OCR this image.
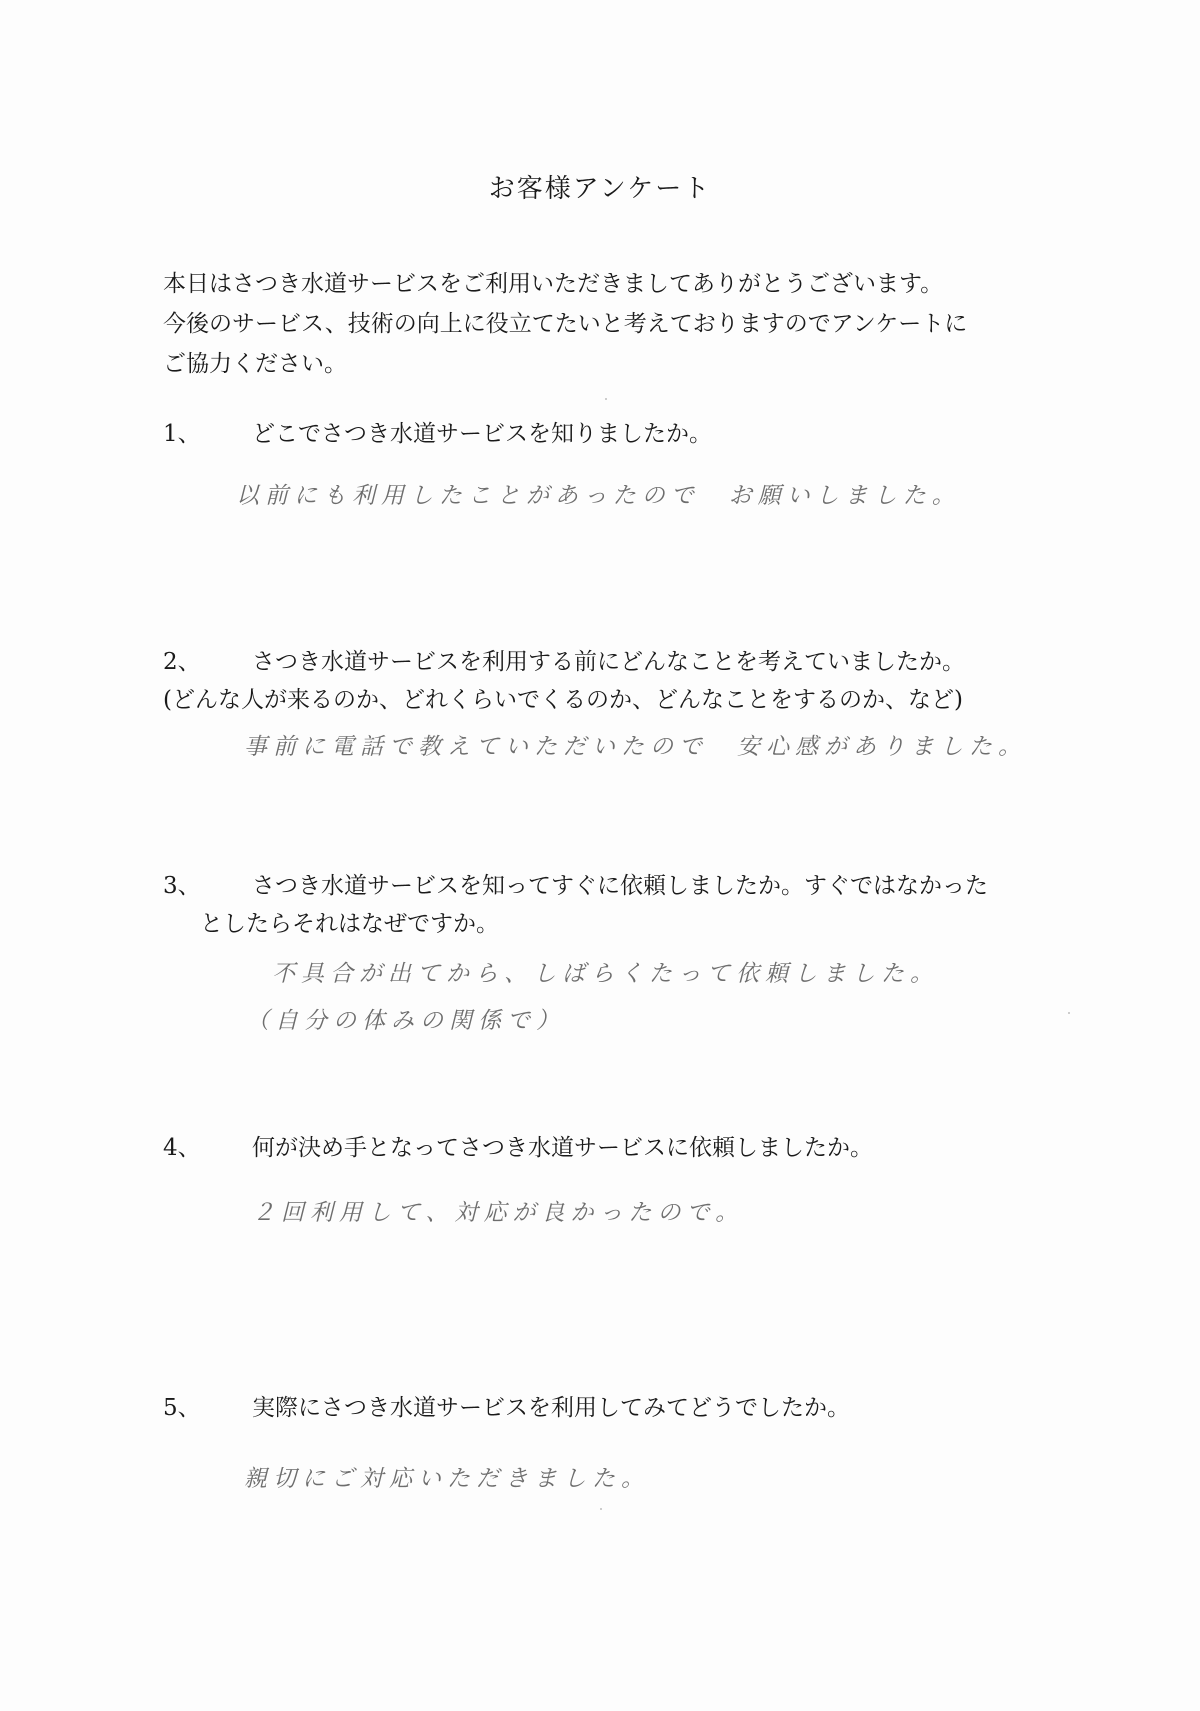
お客様アンケート

本日はさつき水道サービスをご利用いただきましてありがとうございます。

今後のサービス、技術の向上に役立てたいと考えておりますのでアンケートに

ご協力ください。

1、 どこでさつき水道サービスを知りましたか。
以前にも利用したことがあったので　お願いしました。
2、 さつき水道サービスを利用する前にどんなことを考えていましたか。
(どんな人が来るのか、どれくらいでくるのか、どんなことをするのか、など)
事前に電話で教えていただいたので　安心感がありました。
3、 さつき水道サービスを知ってすぐに依頼しましたか。すぐではなかった
としたらそれはなぜですか。
不具合が出てから、しばらくたって依頼しました。
（自分の体みの関係で）
4、 何が決め手となってさつき水道サービスに依頼しましたか。
２回利用して、対応が良かったので。
5、 実際にさつき水道サービスを利用してみてどうでしたか。
親切にご対応いただきました。
